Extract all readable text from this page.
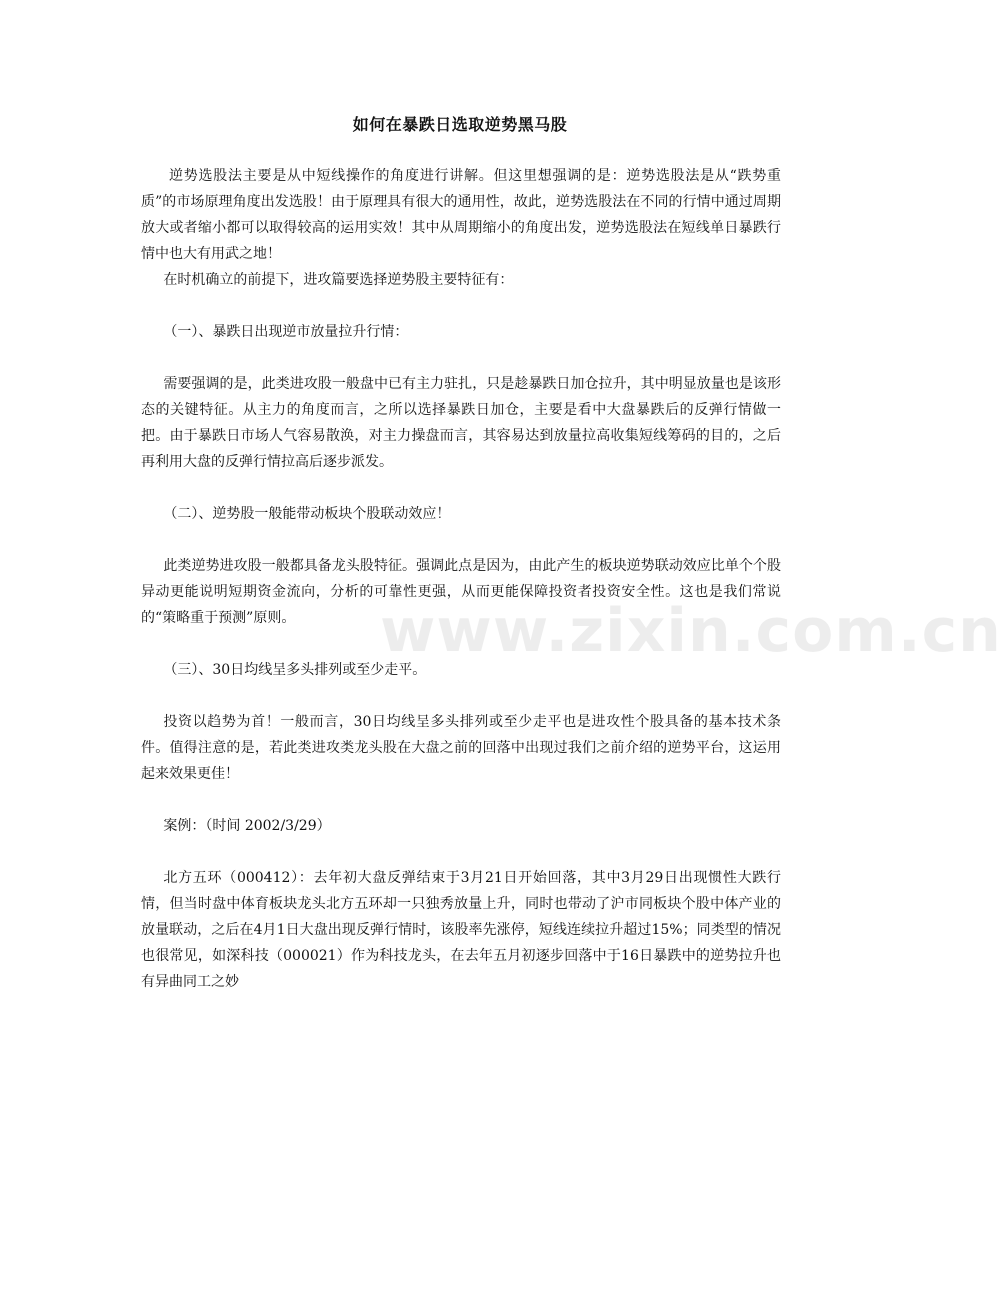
如何在暴跌日选取逆势黑马股

逆势选股法主要是从中短线操作的角度进行讲解。但这里想强调的是：逆势选股法是从“跌势重质”的市场原理角度出发选股！由于原理具有很大的通用性，故此，逆势选股法在不同的行情中通过周期放大或者缩小都可以取得较高的运用实效！其中从周期缩小的角度出发，逆势选股法在短线单日暴跌行情中也大有用武之地！

在时机确立的前提下，进攻篇要选择逆势股主要特征有：

（一）、暴跌日出现逆市放量拉升行情：

需要强调的是，此类进攻股一般盘中已有主力驻扎，只是趁暴跌日加仓拉升，其中明显放量也是该形态的关键特征。从主力的角度而言，之所以选择暴跌日加仓，主要是看中大盘暴跌后的反弹行情做一把。由于暴跌日市场人气容易散涣，对主力操盘而言，其容易达到放量拉高收集短线筹码的目的，之后再利用大盘的反弹行情拉高后逐步派发。

（二）、逆势股一般能带动板块个股联动效应！

此类逆势进攻股一般都具备龙头股特征。强调此点是因为，由此产生的板块逆势联动效应比单个个股异动更能说明短期资金流向，分析的可靠性更强，从而更能保障投资者投资安全性。这也是我们常说的“策略重于预测”原则。

（三）、30日均线呈多头排列或至少走平。

投资以趋势为首！一般而言，30日均线呈多头排列或至少走平也是进攻性个股具备的基本技术条件。值得注意的是，若此类进攻类龙头股在大盘之前的回落中出现过我们之前介绍的逆势平台，这运用起来效果更佳！

案例：（时间 2002/3/29）

北方五环（000412）：去年初大盘反弹结束于3月21日开始回落，其中3月29日出现惯性大跌行情，但当时盘中体育板块龙头北方五环却一只独秀放量上升，同时也带动了沪市同板块个股中体产业的放量联动，之后在4月1日大盘出现反弹行情时，该股率先涨停，短线连续拉升超过15%；同类型的情况也很常见，如深科技（000021）作为科技龙头，在去年五月初逐步回落中于16日暴跌中的逆势拉升也有异曲同工之妙

www.zixin.com.cn
